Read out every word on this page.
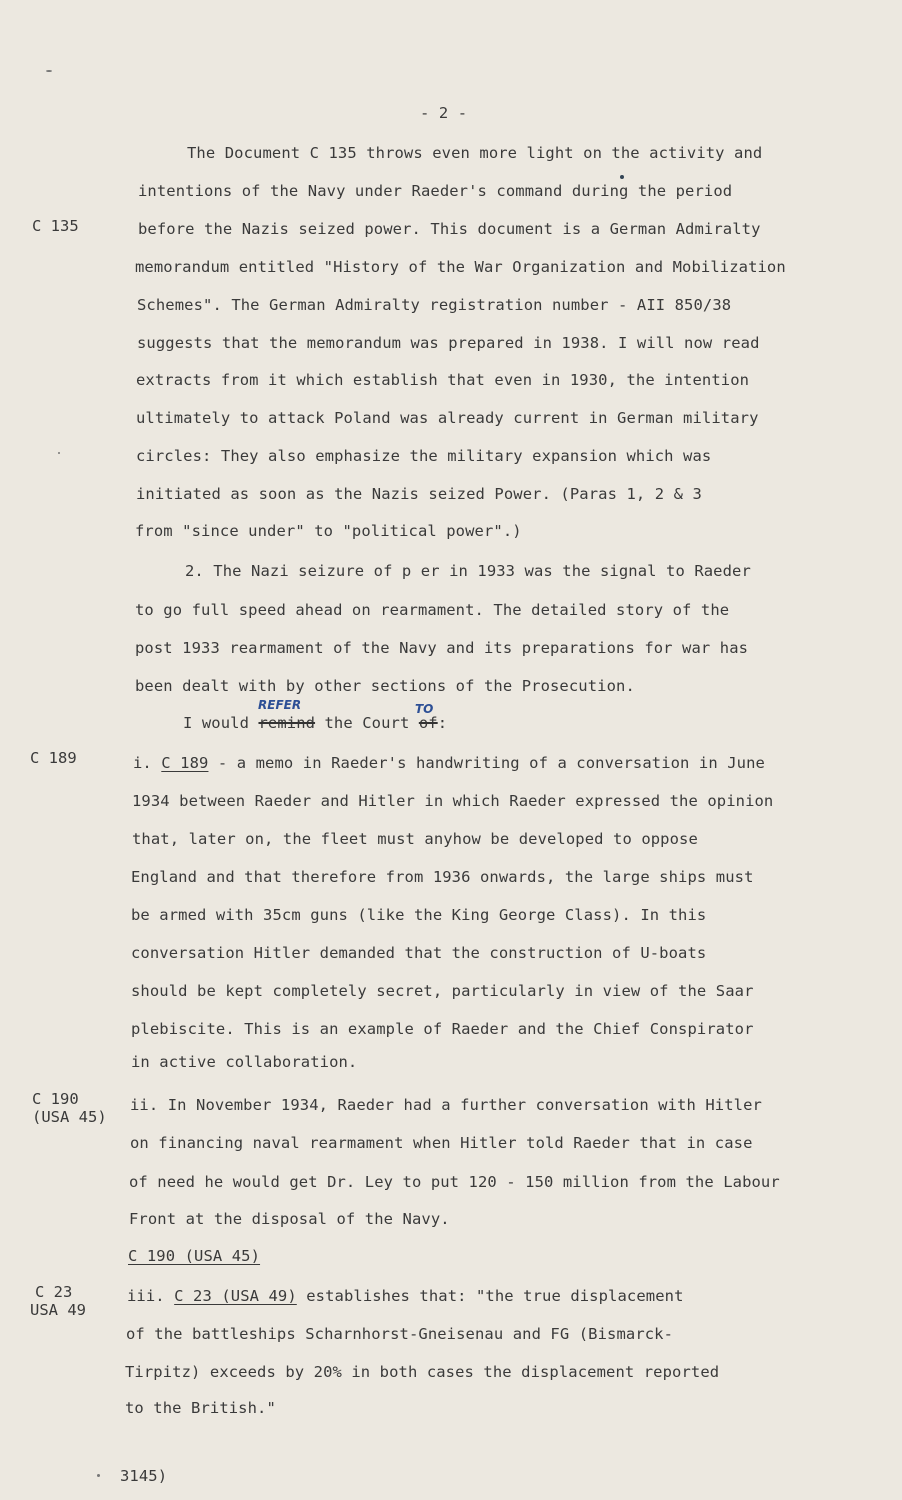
- 2 -
C 135
C 189
C 190
(USA 45)
C 23
USA 49
The Document C 135 throws even more light on the activity and
intentions of the Navy under Raeder's command during the period
before the Nazis seized power. This document is a German Admiralty
memorandum entitled "History of the War Organization and Mobilization
Schemes". The German Admiralty registration number - AII 850/38
suggests that the memorandum was prepared in 1938. I will now read
extracts from it which establish that even in 1930, the intention
ultimately to attack Poland was already current in German military
circles: They also emphasize the military expansion which was
initiated as soon as the Nazis seized Power. (Paras 1, 2 & 3
from "since under" to "political power".)
2. The Nazi seizure of p er in 1933 was the signal to Raeder
to go full speed ahead on rearmament. The detailed story of the
post 1933 rearmament of the Navy and its preparations for war has
been dealt with by other sections of the Prosecution.
REFER	TO
I would remind the Court of:
i. C 189 - a memo in Raeder's handwriting of a conversation in June
1934 between Raeder and Hitler in which Raeder expressed the opinion
that, later on, the fleet must anyhow be developed to oppose
England and that therefore from 1936 onwards, the large ships must
be armed with 35cm guns (like the King George Class). In this
conversation Hitler demanded that the construction of U-boats
should be kept completely secret, particularly in view of the Saar
plebiscite. This is an example of Raeder and the Chief Conspirator
in active collaboration.
ii. In November 1934, Raeder had a further conversation with Hitler
on financing naval rearmament when Hitler told Raeder that in case
of need he would get Dr. Ley to put 120 - 150 million from the Labour
Front at the disposal of the Navy.
C 190 (USA 45)
iii. C 23 (USA 49) establishes that: "the true displacement
of the battleships Scharnhorst-Gneisenau and FG (Bismarck-
Tirpitz) exceeds by 20% in both cases the displacement reported
to the British."
3145)
